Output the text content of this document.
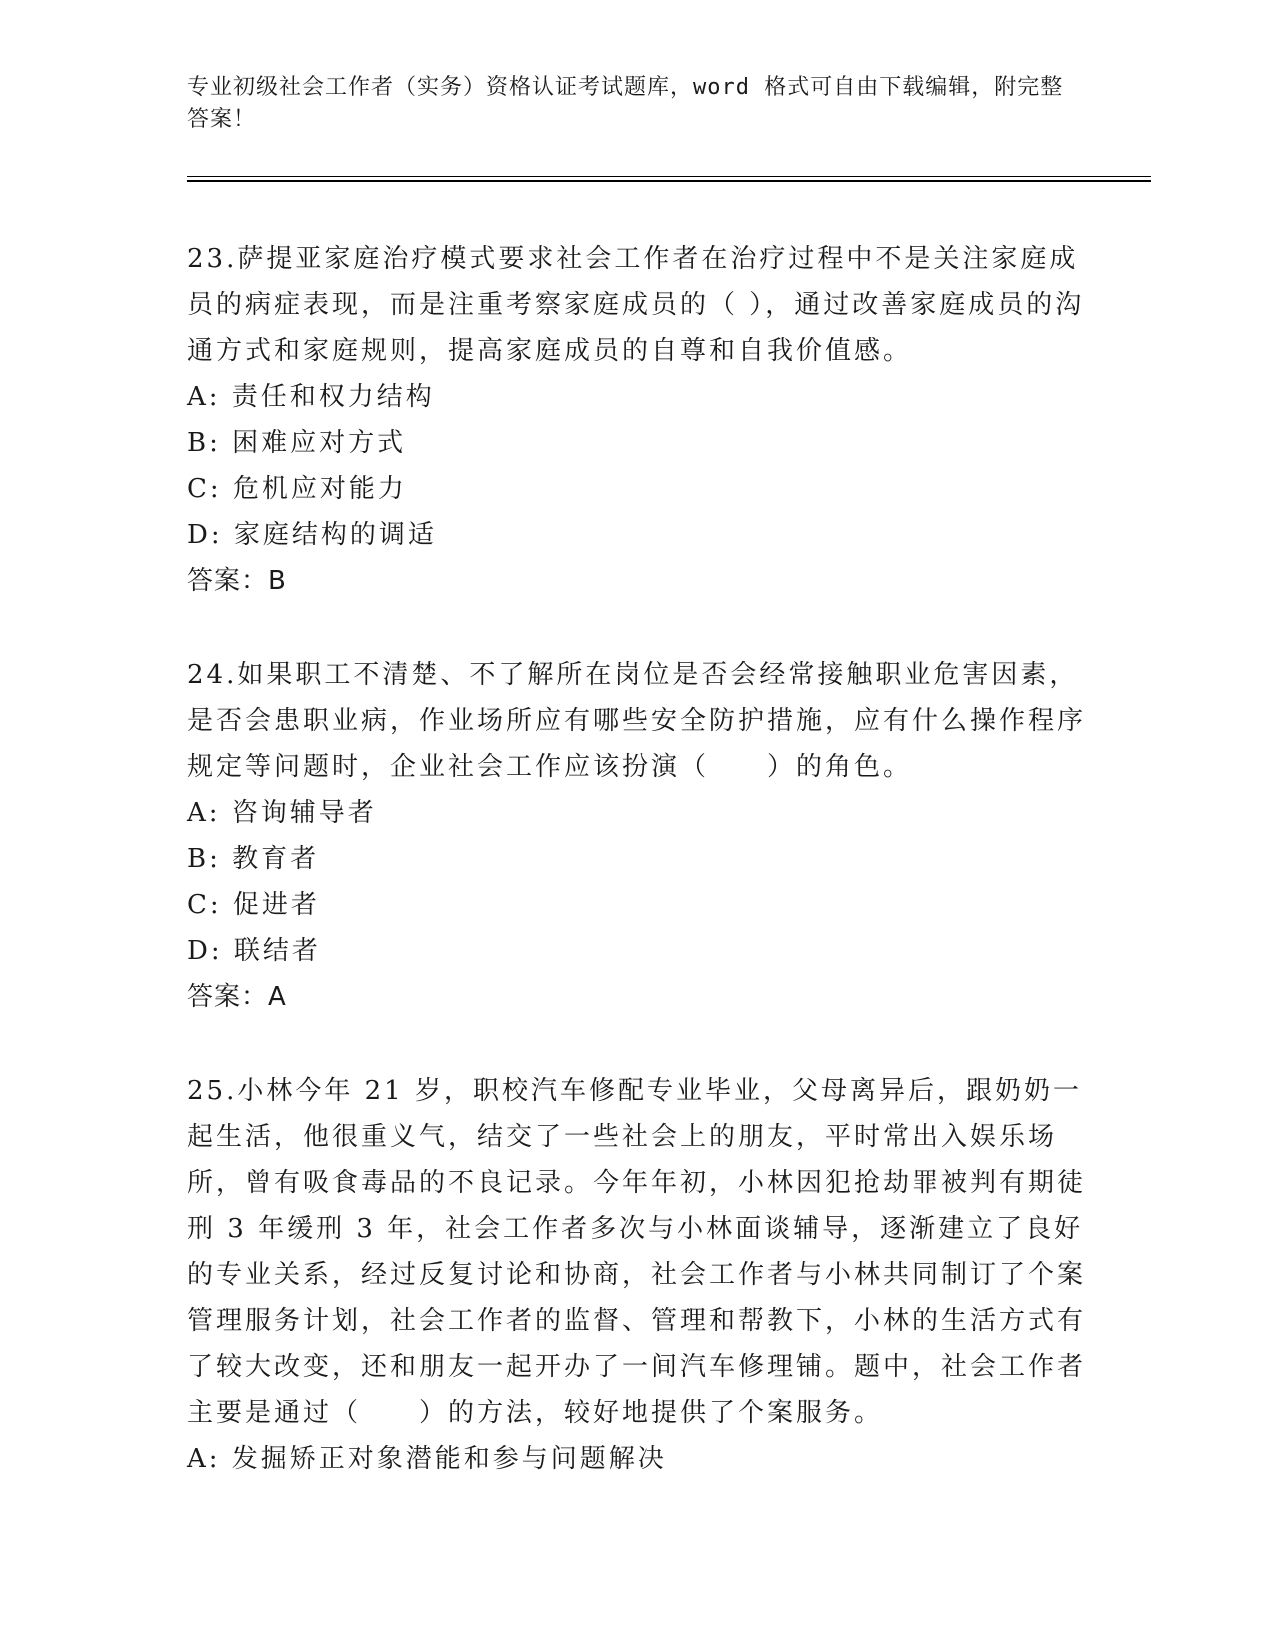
专业初级社会工作者（实务）资格认证考试题库，word 格式可自由下载编辑，附完整答案！
23.萨提亚家庭治疗模式要求社会工作者在治疗过程中不是关注家庭成员的病症表现，而是注重考察家庭成员的（ ），通过改善家庭成员的沟通方式和家庭规则，提高家庭成员的自尊和自我价值感。
A: 责任和权力结构
B: 困难应对方式
C: 危机应对能力
D: 家庭结构的调适
答案：B
24.如果职工不清楚、不了解所在岗位是否会经常接触职业危害因素，是否会患职业病，作业场所应有哪些安全防护措施，应有什么操作程序规定等问题时，企业社会工作应该扮演（　　）的角色。
A: 咨询辅导者
B: 教育者
C: 促进者
D: 联结者
答案：A
25.小林今年 21 岁，职校汽车修配专业毕业，父母离异后，跟奶奶一起生活，他很重义气，结交了一些社会上的朋友，平时常出入娱乐场所，曾有吸食毒品的不良记录。今年年初，小林因犯抢劫罪被判有期徒刑 3 年缓刑 3 年，社会工作者多次与小林面谈辅导，逐渐建立了良好的专业关系，经过反复讨论和协商，社会工作者与小林共同制订了个案管理服务计划，社会工作者的监督、管理和帮教下，小林的生活方式有了较大改变，还和朋友一起开办了一间汽车修理铺。题中，社会工作者主要是通过（　　）的方法，较好地提供了个案服务。
A: 发掘矫正对象潜能和参与问题解决
